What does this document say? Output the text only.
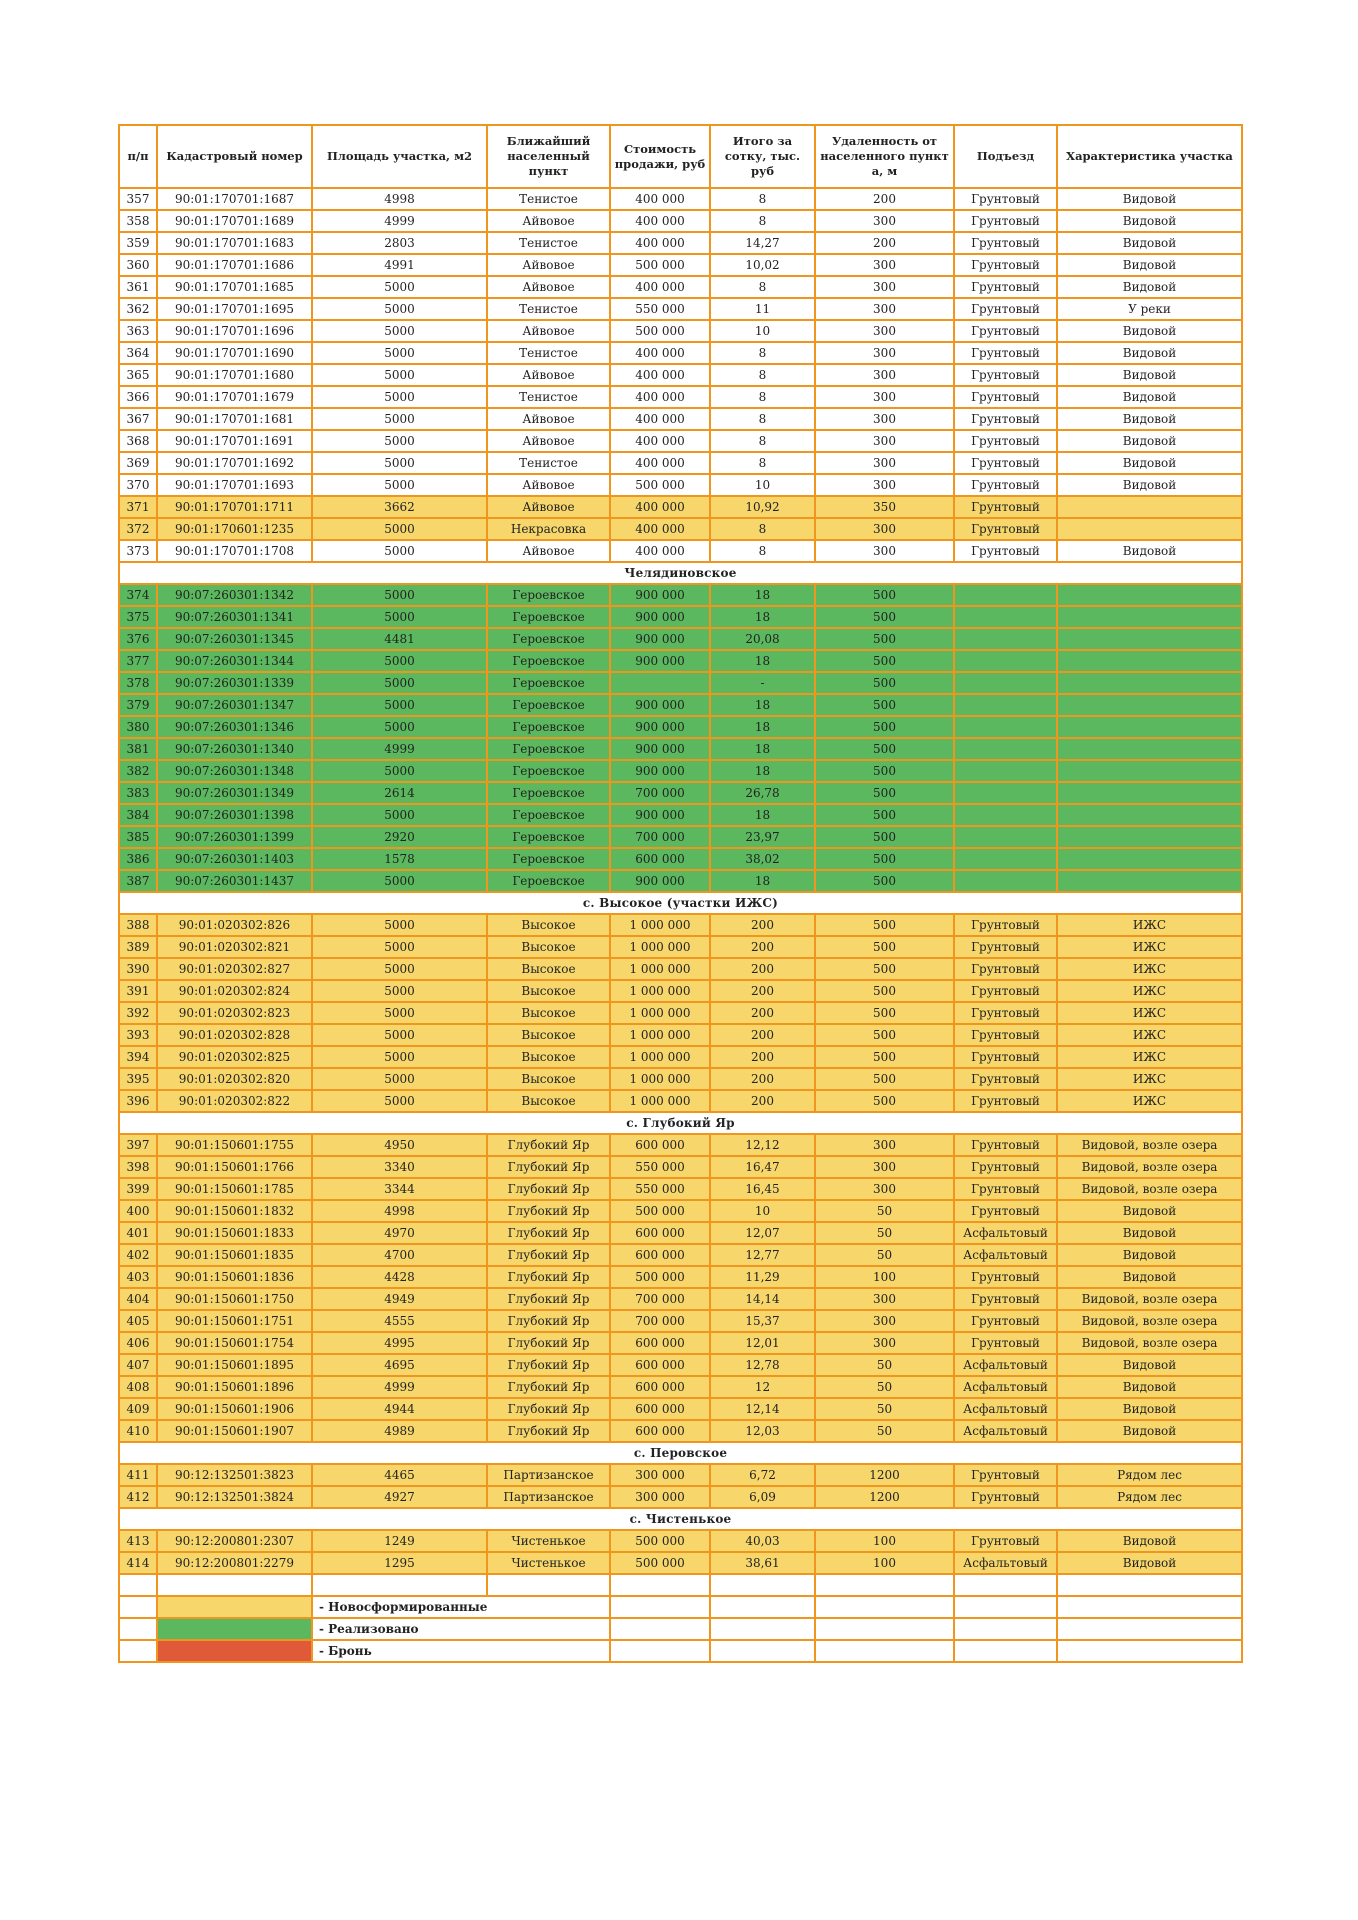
п/п	Кадастровый номер	Площадь участка, м2	Ближайший населенный пункт	Стоимость продажи, руб	Итого за сотку, тыс. руб	Удаленность от населенного пункт а, м	Подъезд	Характеристика участка
357	90:01:170701:1687	4998	Тенистое	400 000	8	200	Грунтовый	Видовой
358	90:01:170701:1689	4999	Айвовое	400 000	8	300	Грунтовый	Видовой
359	90:01:170701:1683	2803	Тенистое	400 000	14,27	200	Грунтовый	Видовой
360	90:01:170701:1686	4991	Айвовое	500 000	10,02	300	Грунтовый	Видовой
361	90:01:170701:1685	5000	Айвовое	400 000	8	300	Грунтовый	Видовой
362	90:01:170701:1695	5000	Тенистое	550 000	11	300	Грунтовый	У реки
363	90:01:170701:1696	5000	Айвовое	500 000	10	300	Грунтовый	Видовой
364	90:01:170701:1690	5000	Тенистое	400 000	8	300	Грунтовый	Видовой
365	90:01:170701:1680	5000	Айвовое	400 000	8	300	Грунтовый	Видовой
366	90:01:170701:1679	5000	Тенистое	400 000	8	300	Грунтовый	Видовой
367	90:01:170701:1681	5000	Айвовое	400 000	8	300	Грунтовый	Видовой
368	90:01:170701:1691	5000	Айвовое	400 000	8	300	Грунтовый	Видовой
369	90:01:170701:1692	5000	Тенистое	400 000	8	300	Грунтовый	Видовой
370	90:01:170701:1693	5000	Айвовое	500 000	10	300	Грунтовый	Видовой
371	90:01:170701:1711	3662	Айвовое	400 000	10,92	350	Грунтовый	
372	90:01:170601:1235	5000	Некрасовка	400 000	8	300	Грунтовый	
373	90:01:170701:1708	5000	Айвовое	400 000	8	300	Грунтовый	Видовой
Челядиновское								
374	90:07:260301:1342	5000	Героевское	900 000	18	500		
375	90:07:260301:1341	5000	Героевское	900 000	18	500		
376	90:07:260301:1345	4481	Героевское	900 000	20,08	500		
377	90:07:260301:1344	5000	Героевское	900 000	18	500		
378	90:07:260301:1339	5000	Героевское		-	500		
379	90:07:260301:1347	5000	Героевское	900 000	18	500		
380	90:07:260301:1346	5000	Героевское	900 000	18	500		
381	90:07:260301:1340	4999	Героевское	900 000	18	500		
382	90:07:260301:1348	5000	Героевское	900 000	18	500		
383	90:07:260301:1349	2614	Героевское	700 000	26,78	500		
384	90:07:260301:1398	5000	Героевское	900 000	18	500		
385	90:07:260301:1399	2920	Героевское	700 000	23,97	500		
386	90:07:260301:1403	1578	Героевское	600 000	38,02	500		
387	90:07:260301:1437	5000	Героевское	900 000	18	500		
с. Высокое (участки ИЖС)								
388	90:01:020302:826	5000	Высокое	1 000 000	200	500	Грунтовый	ИЖС
389	90:01:020302:821	5000	Высокое	1 000 000	200	500	Грунтовый	ИЖС
390	90:01:020302:827	5000	Высокое	1 000 000	200	500	Грунтовый	ИЖС
391	90:01:020302:824	5000	Высокое	1 000 000	200	500	Грунтовый	ИЖС
392	90:01:020302:823	5000	Высокое	1 000 000	200	500	Грунтовый	ИЖС
393	90:01:020302:828	5000	Высокое	1 000 000	200	500	Грунтовый	ИЖС
394	90:01:020302:825	5000	Высокое	1 000 000	200	500	Грунтовый	ИЖС
395	90:01:020302:820	5000	Высокое	1 000 000	200	500	Грунтовый	ИЖС
396	90:01:020302:822	5000	Высокое	1 000 000	200	500	Грунтовый	ИЖС
с. Глубокий Яр								
397	90:01:150601:1755	4950	Глубокий Яр	600 000	12,12	300	Грунтовый	Видовой, возле озера
398	90:01:150601:1766	3340	Глубокий Яр	550 000	16,47	300	Грунтовый	Видовой, возле озера
399	90:01:150601:1785	3344	Глубокий Яр	550 000	16,45	300	Грунтовый	Видовой, возле озера
400	90:01:150601:1832	4998	Глубокий Яр	500 000	10	50	Грунтовый	Видовой
401	90:01:150601:1833	4970	Глубокий Яр	600 000	12,07	50	Асфальтовый	Видовой
402	90:01:150601:1835	4700	Глубокий Яр	600 000	12,77	50	Асфальтовый	Видовой
403	90:01:150601:1836	4428	Глубокий Яр	500 000	11,29	100	Грунтовый	Видовой
404	90:01:150601:1750	4949	Глубокий Яр	700 000	14,14	300	Грунтовый	Видовой, возле озера
405	90:01:150601:1751	4555	Глубокий Яр	700 000	15,37	300	Грунтовый	Видовой, возле озера
406	90:01:150601:1754	4995	Глубокий Яр	600 000	12,01	300	Грунтовый	Видовой, возле озера
407	90:01:150601:1895	4695	Глубокий Яр	600 000	12,78	50	Асфальтовый	Видовой
408	90:01:150601:1896	4999	Глубокий Яр	600 000	12	50	Асфальтовый	Видовой
409	90:01:150601:1906	4944	Глубокий Яр	600 000	12,14	50	Асфальтовый	Видовой
410	90:01:150601:1907	4989	Глубокий Яр	600 000	12,03	50	Асфальтовый	Видовой
с. Перовское								
411	90:12:132501:3823	4465	Партизанское	300 000	6,72	1200	Грунтовый	Рядом лес
412	90:12:132501:3824	4927	Партизанское	300 000	6,09	1200	Грунтовый	Рядом лес
с. Чистенькое								
413	90:12:200801:2307	1249	Чистенькое	500 000	40,03	100	Грунтовый	Видовой
414	90:12:200801:2279	1295	Чистенькое	500 000	38,61	100	Асфальтовый	Видовой

		- Новосформированные						
		- Реализовано						
		- Бронь						
